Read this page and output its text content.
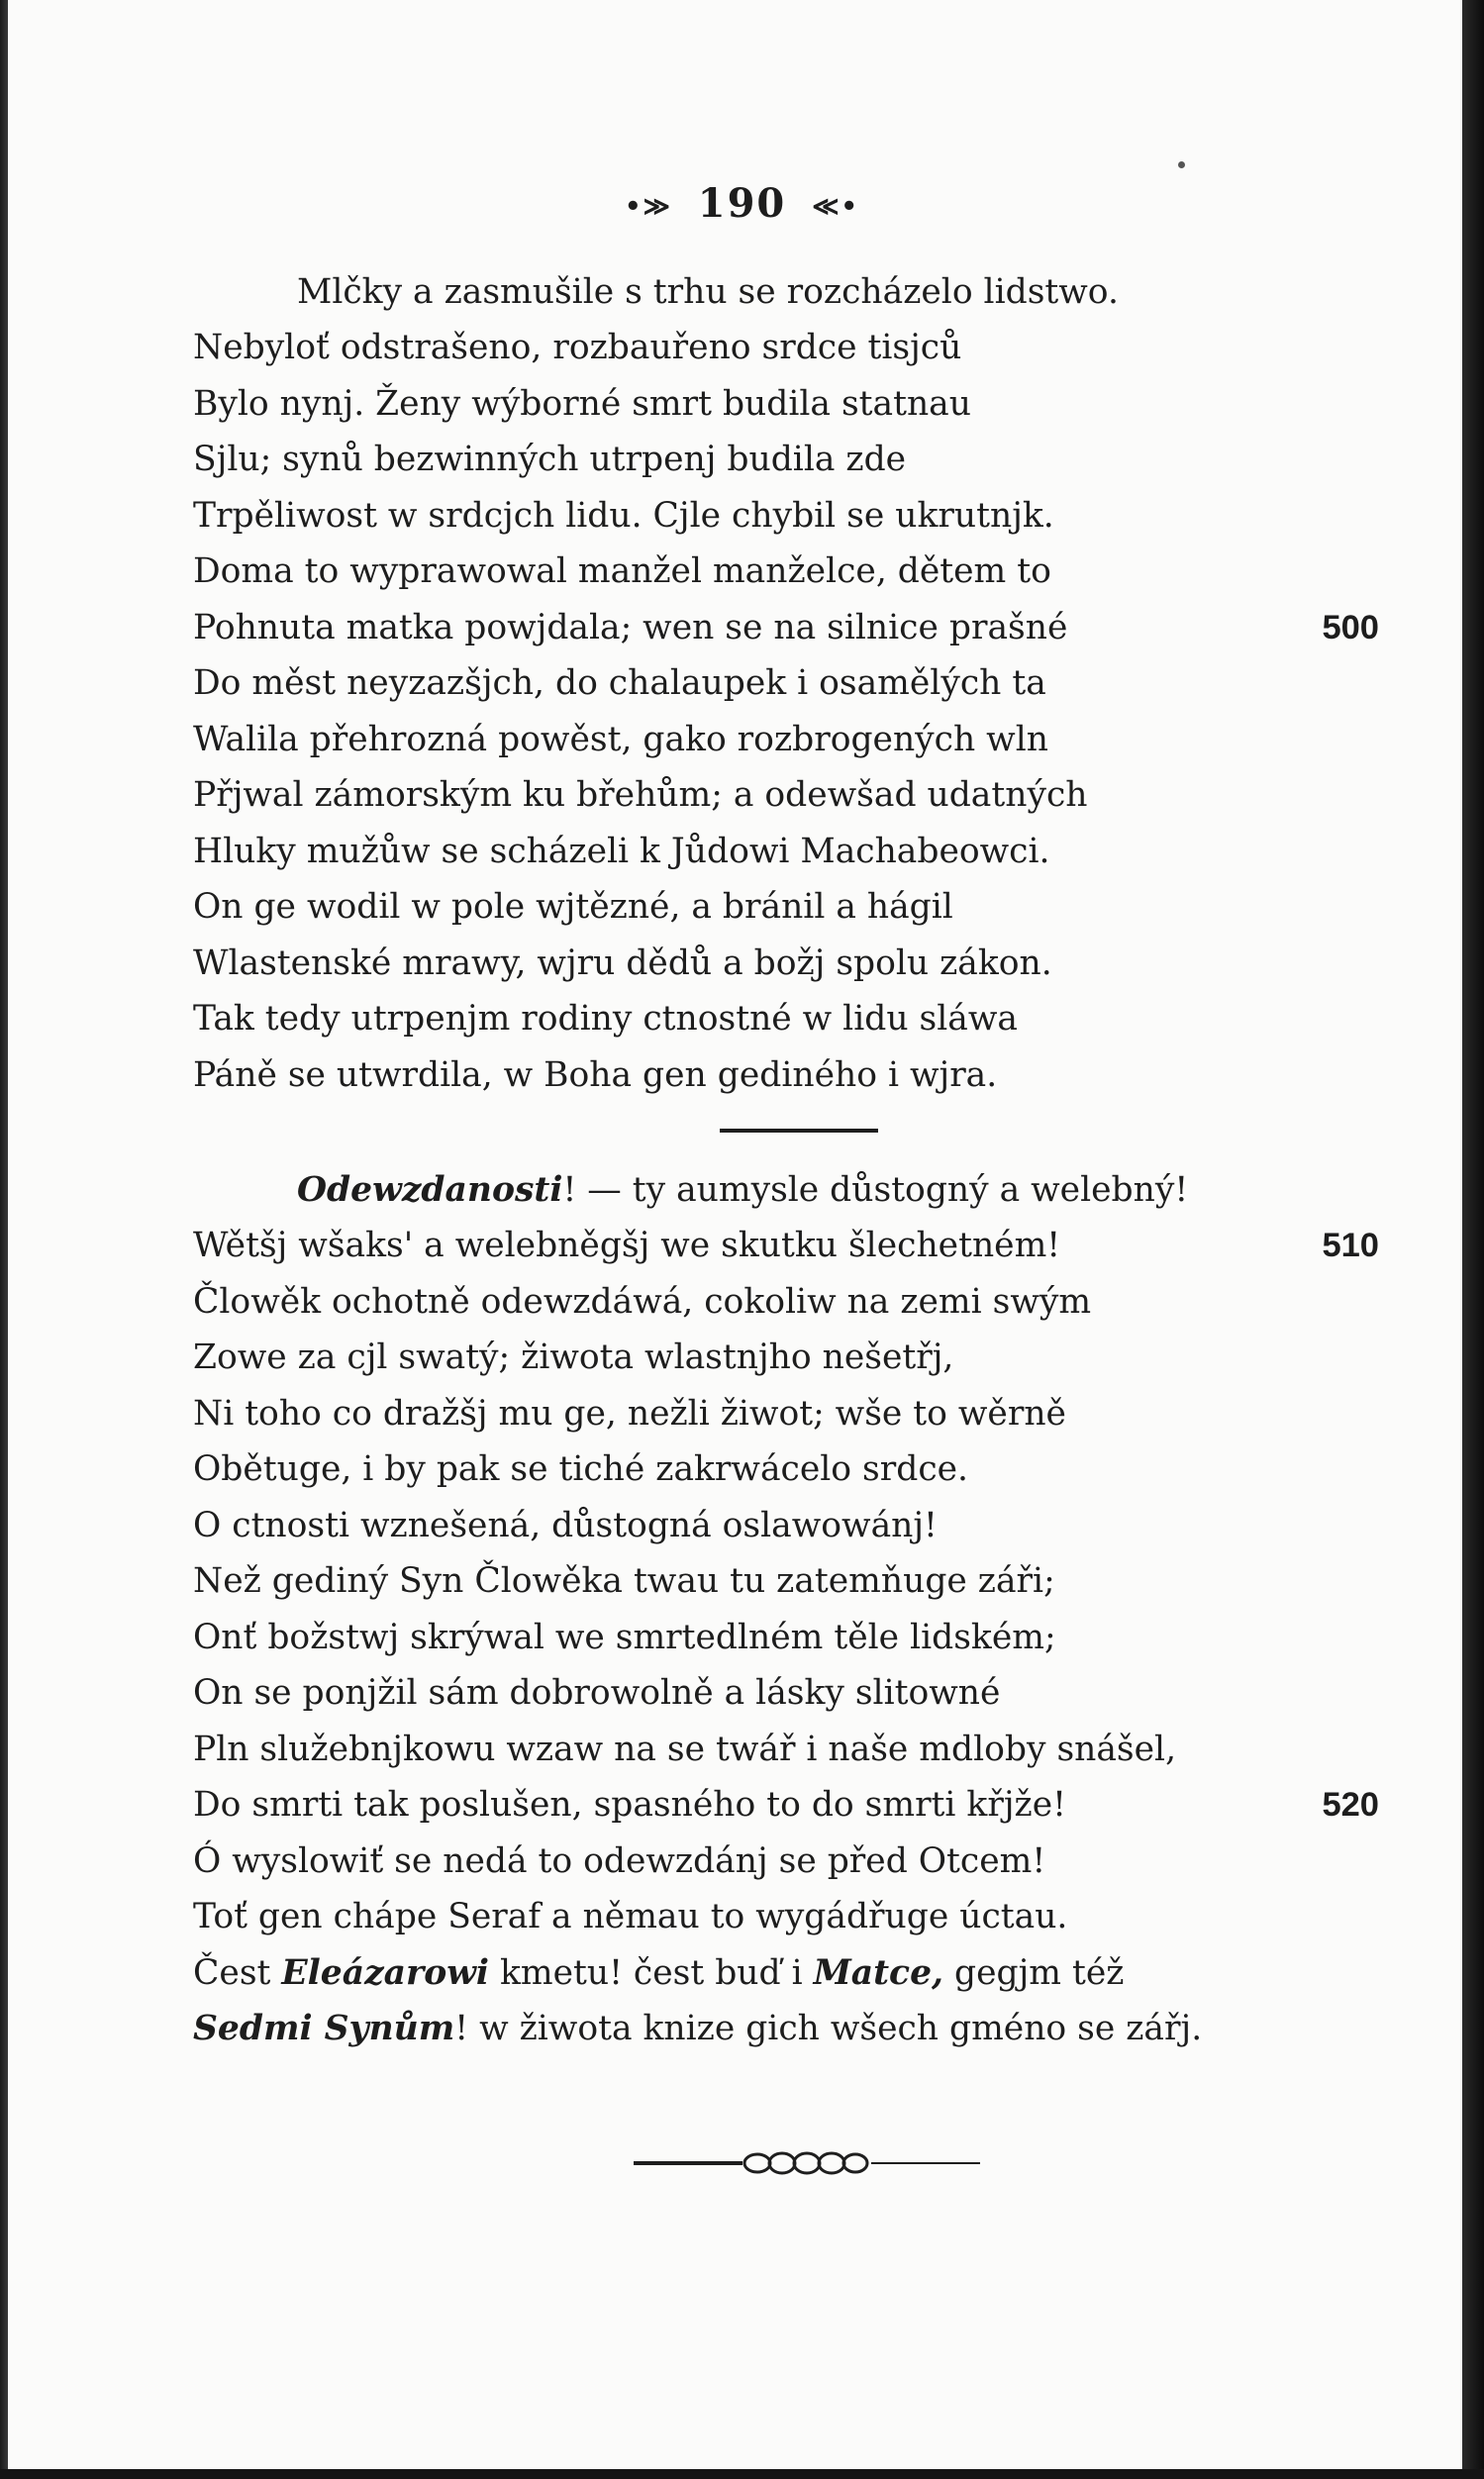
•≫ 190 ≪•
Mlčky a zasmušile s trhu se rozcházelo lidstwo.
Nebyloť odstrašeno, rozbauřeno srdce tisjců
Bylo nynj. Ženy wýborné smrt budila statnau
Sjlu; synů bezwinných utrpenj budila zde
Trpěliwost w srdcjch lidu. Cjle chybil se ukrutnjk.
Doma to wyprawowal manžel manželce, dětem to
Pohnuta matka powjdala; wen se na silnice prašné	500
Do měst neyzazšjch, do chalaupek i osamělých ta
Walila přehrozná powěst, gako rozbrogených wln
Přjwal zámorským ku břehům; a odewšad udatných
Hluky mužůw se scházeli k Jůdowi Machabeowci.
On ge wodil w pole wjtězné, a bránil a hágil
Wlastenské mrawy, wjru dědů a božj spolu zákon.
Tak tedy utrpenjm rodiny ctnostné w lidu sláwa
Páně se utwrdila, w Boha gen gediného i wjra.
Odewzdanosti! — ty aumysle důstogný a welebný!
Wětšj wšaks' a welebněgšj we skutku šlechetném!	510
Člowěk ochotně odewzdáwá, cokoliw na zemi swým
Zowe za cjl swatý; žiwota wlastnjho nešetřj,
Ni toho co dražšj mu ge, nežli žiwot; wše to wěrně
Obětuge, i by pak se tiché zakrwácelo srdce.
O ctnosti wznešená, důstogná oslawowánj!
Než gediný Syn Člowěka twau tu zatemňuge záři;
Onť božstwj skrýwal we smrtedlném těle lidském;
On se ponjžil sám dobrowolně a lásky slitowné
Pln služebnjkowu wzaw na se twář i naše mdloby snášel,
Do smrti tak poslušen, spasného to do smrti křjže!	520
Ó wyslowiť se nedá to odewzdánj se před Otcem!
Toť gen chápe Seraf a němau to wygádřuge úctau.
Čest Eleázarowi kmetu! čest buď i Matce, gegjm též
Sedmi Synům! w žiwota knize gich wšech gméno se zářj.
——∞∞∞∞——
